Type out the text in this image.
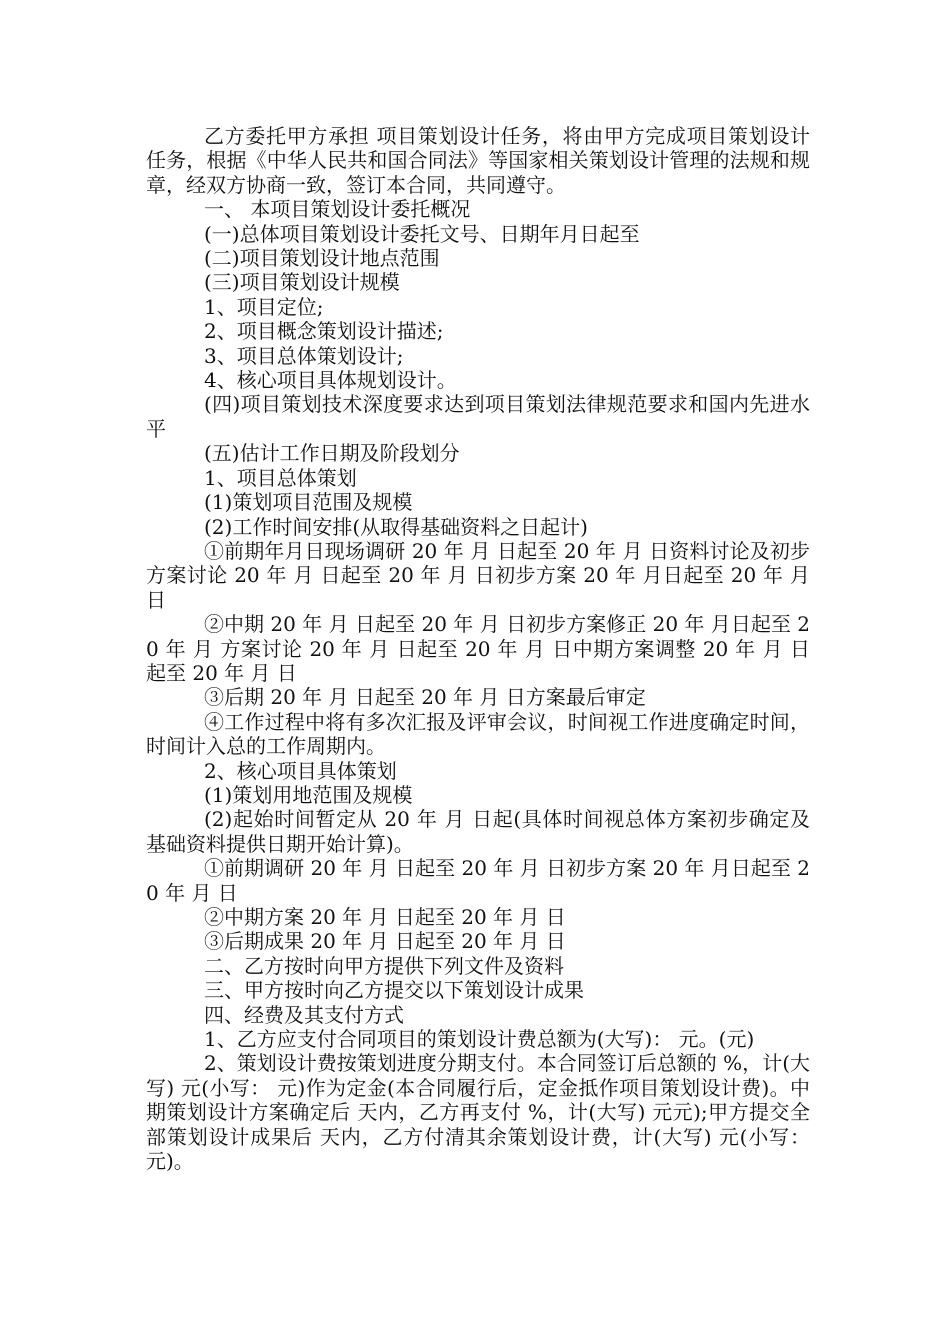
乙方委托甲方承担 项目策划设计任务，将由甲方完成项目策划设计任务，根据《中华人民共和国合同法》等国家相关策划设计管理的法规和规章，经双方协商一致，签订本合同，共同遵守。

一、 本项目策划设计委托概况

(一)总体项目策划设计委托文号、日期年月日起至

(二)项目策划设计地点范围

(三)项目策划设计规模

1、项目定位;

2、项目概念策划设计描述;

3、项目总体策划设计;

4、核心项目具体规划设计。

(四)项目策划技术深度要求达到项目策划法律规范要求和国内先进水平

(五)估计工作日期及阶段划分

1、项目总体策划

(1)策划项目范围及规模

(2)工作时间安排(从取得基础资料之日起计)

①前期年月日现场调研 20 年 月 日起至 20 年 月 日资料讨论及初步方案讨论 20 年 月 日起至 20 年 月 日初步方案 20 年 月日起至 20 年 月 日

②中期 20 年 月 日起至 20 年 月 日初步方案修正 20 年 月日起至 20 年 月 方案讨论 20 年 月 日起至 20 年 月 日中期方案调整 20 年 月 日起至 20 年 月 日

③后期 20 年 月 日起至 20 年 月 日方案最后审定

④工作过程中将有多次汇报及评审会议，时间视工作进度确定时间，时间计入总的工作周期内。

2、核心项目具体策划

(1)策划用地范围及规模

(2)起始时间暂定从 20 年 月 日起(具体时间视总体方案初步确定及基础资料提供日期开始计算)。

①前期调研 20 年 月 日起至 20 年 月 日初步方案 20 年 月日起至 20 年 月 日

②中期方案 20 年 月 日起至 20 年 月 日

③后期成果 20 年 月 日起至 20 年 月 日

二、乙方按时向甲方提供下列文件及资料

三、甲方按时向乙方提交以下策划设计成果

四、经费及其支付方式

1、乙方应支付合同项目的策划设计费总额为(大写)： 元。(元)

2、策划设计费按策划进度分期支付。本合同签订后总额的 %，计(大写) 元(小写： 元)作为定金(本合同履行后，定金抵作项目策划设计费)。中期策划设计方案确定后 天内，乙方再支付 %，计(大写) 元元);甲方提交全部策划设计成果后 天内，乙方付清其余策划设计费，计(大写) 元(小写： 元)。
